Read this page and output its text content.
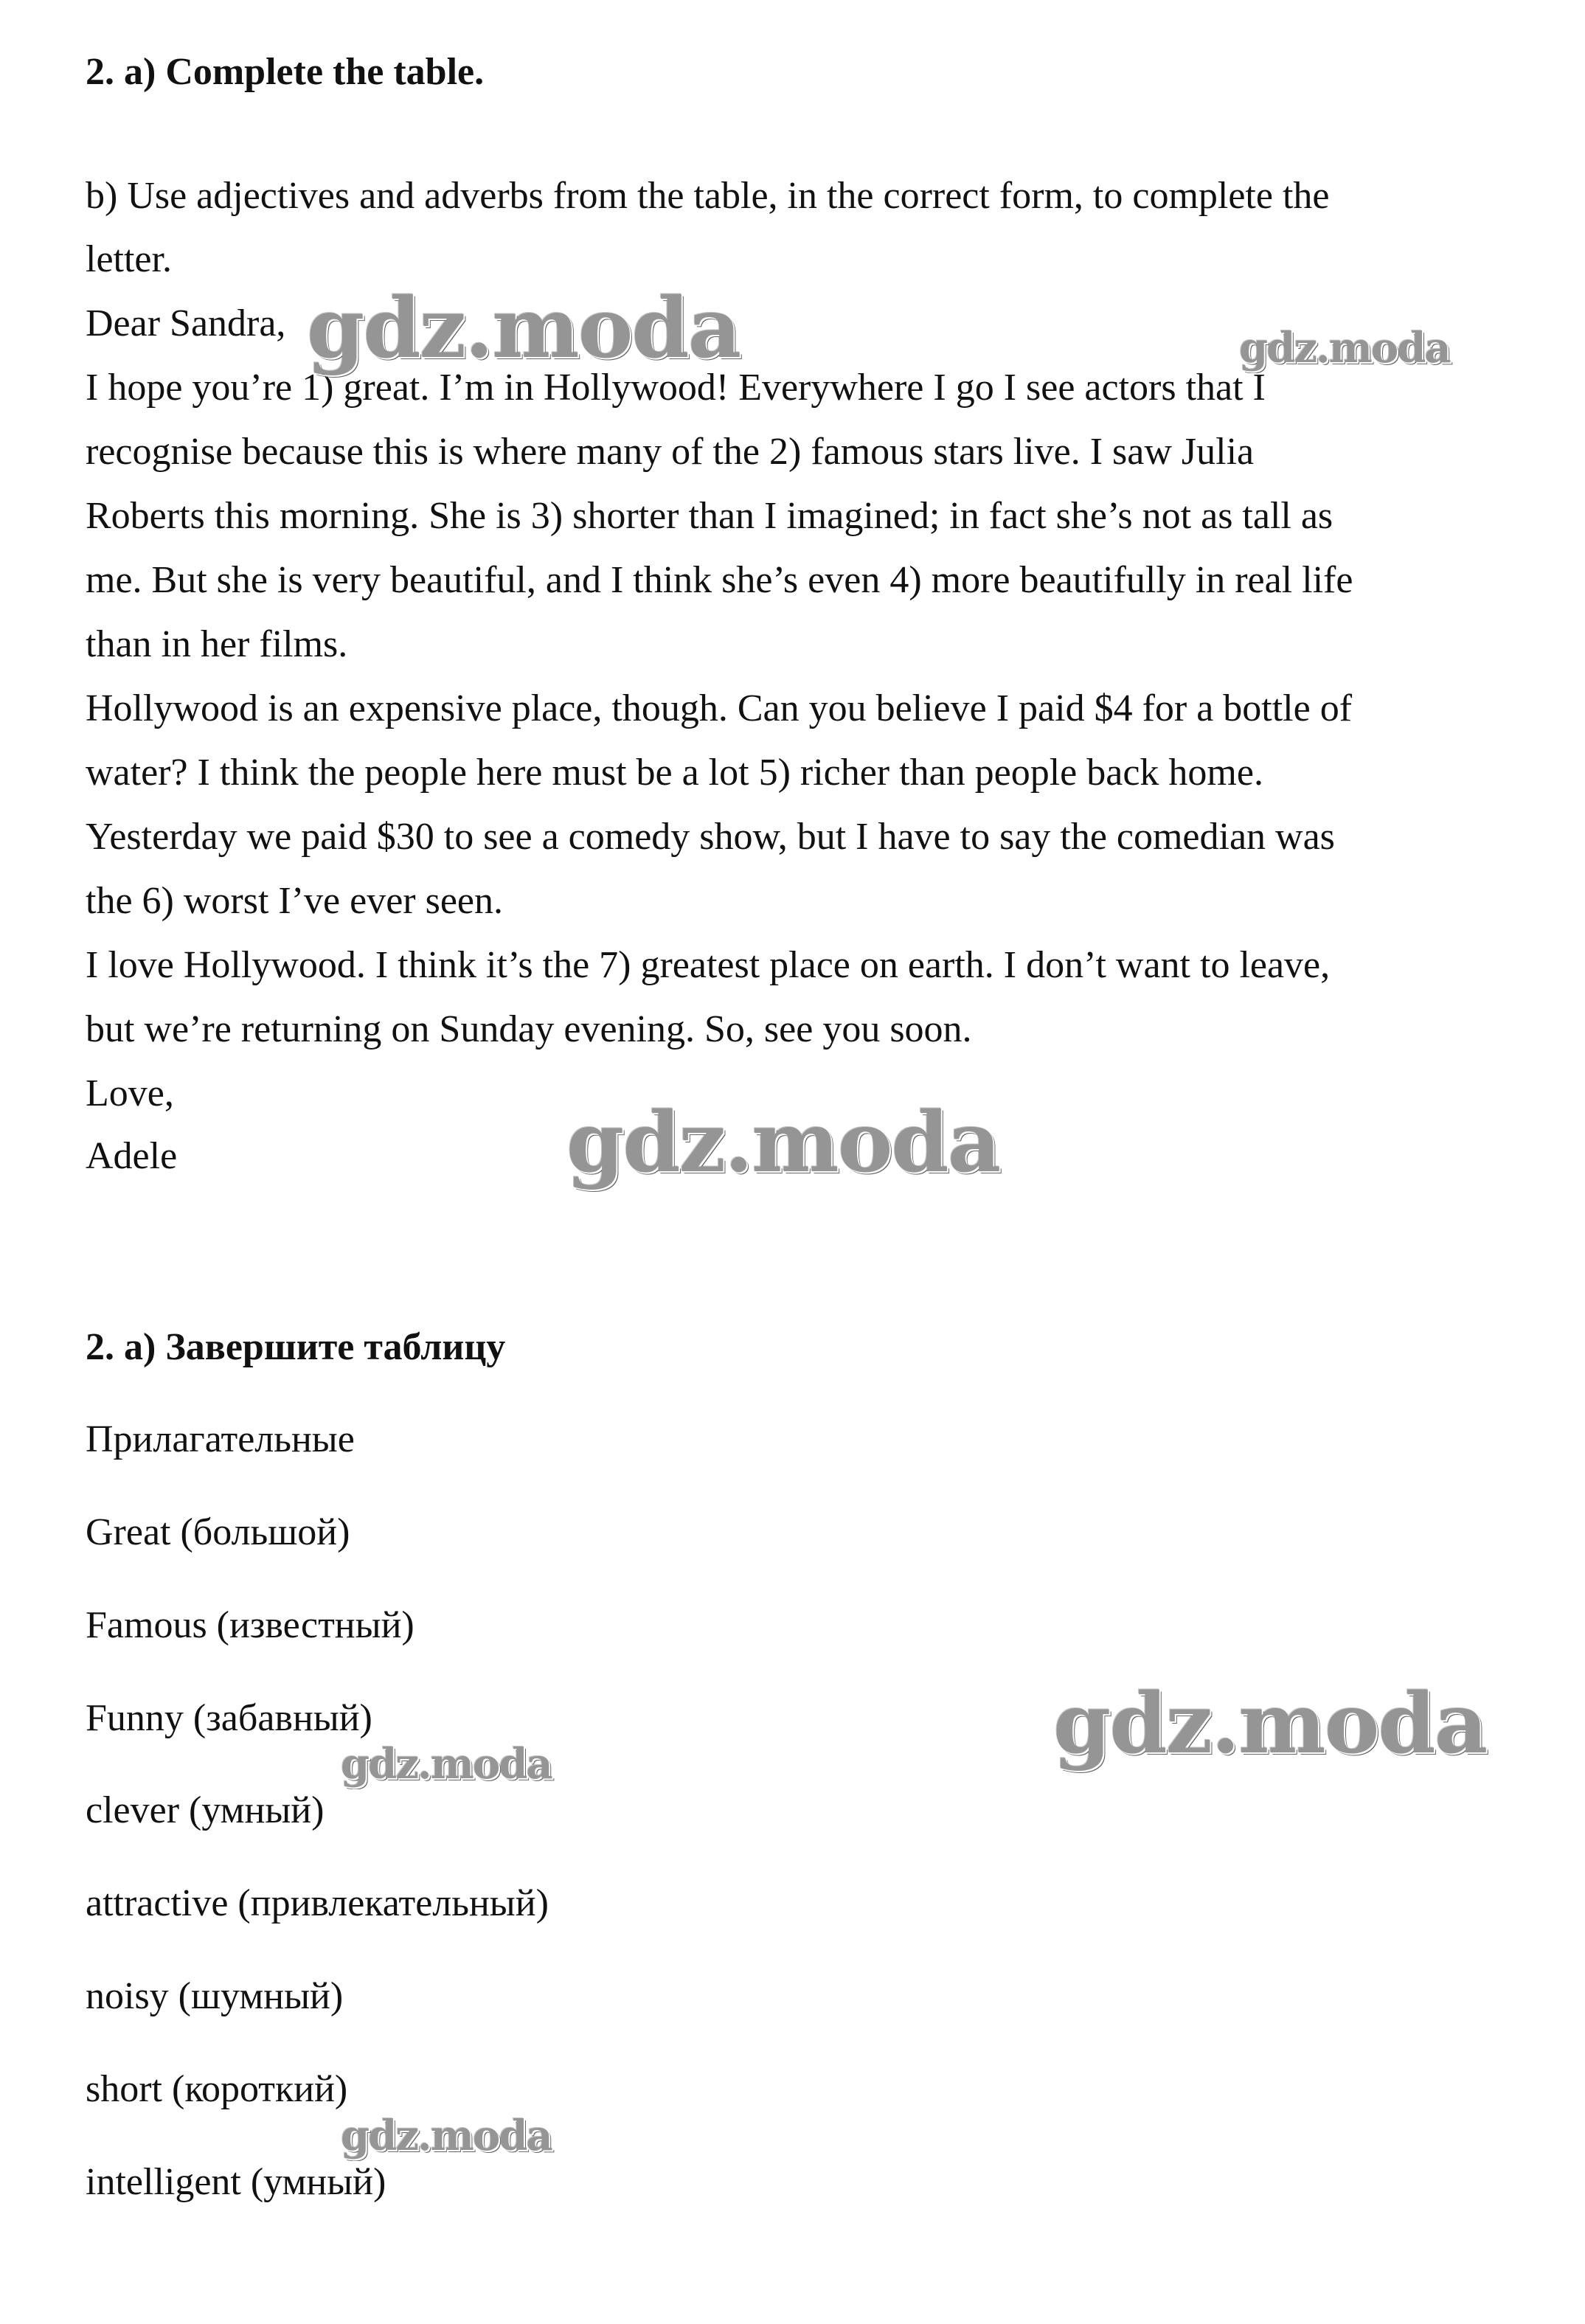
2. a) Complete the table.
b) Use adjectives and adverbs from the table, in the correct form, to complete the
letter.
Dear Sandra,
I hope you’re 1) great. I’m in Hollywood! Everywhere I go I see actors that I
recognise because this is where many of the 2) famous stars live. I saw Julia
Roberts this morning. She is 3) shorter than I imagined; in fact she’s not as tall as
me. But she is very beautiful, and I think she’s even 4) more beautifully in real life
than in her films.
Hollywood is an expensive place, though. Can you believe I paid $4 for a bottle of
water? I think the people here must be a lot 5) richer than people back home.
Yesterday we paid $30 to see a comedy show, but I have to say the comedian was
the 6) worst I’ve ever seen.
I love Hollywood. I think it’s the 7) greatest place on earth. I don’t want to leave,
but we’re returning on Sunday evening. So, see you soon.
Love,
Adele
2. а) Завершите таблицу
Прилагательные
Great (большой)
Famous (известный)
Funny (забавный)
clever (умный)
attractive (привлекательный)
noisy (шумный)
short (короткий)
intelligent (умный)
gdz.moda	gdz.moda
gdz.moda
gdz.moda
gdz.moda
gdz.moda
